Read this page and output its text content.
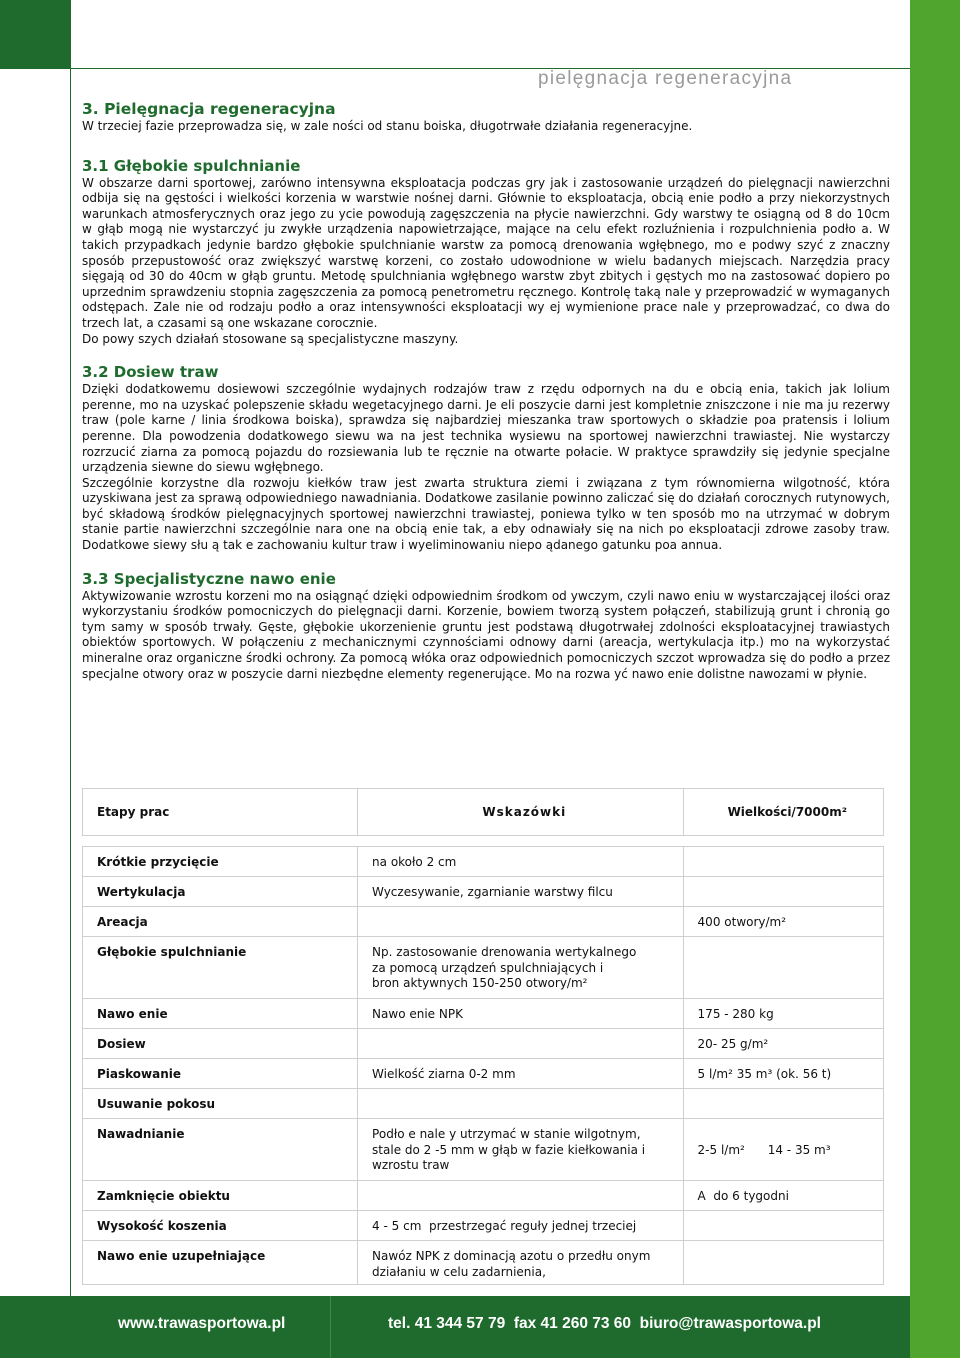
pielęgnacja regeneracyjna
3. Pielęgnacja regeneracyjna

W trzeciej fazie przeprowadza się, w zale ności od stanu boiska, długotrwałe działania regeneracyjne.

3.1 Głębokie spulchnianie

W obszarze darni sportowej, zarówno intensywna eksploatacja podczas gry jak i zastosowanie urządzeń do pielęgnacji nawierzchni odbija się na gęstości i wielkości korzenia w warstwie nośnej darni. Głównie to eksploatacja, obcią enie podło a przy niekorzystnych warunkach atmosferycznych oraz jego zu ycie powodują zagęszczenia na płycie nawierzchni. Gdy warstwy te osiągną od 8 do 10cm w głąb mogą nie wystarczyć ju zwykłe urządzenia napowietrzające, mające na celu efekt rozluźnienia i rozpulchnienia podło a. W takich przypadkach jedynie bardzo głębokie spulchnianie warstw za pomocą drenowania wgłębnego, mo e podwy szyć z znaczny sposób przepustowość oraz zwiększyć warstwę korzeni, co zostało udowodnione w wielu badanych miejscach. Narzędzia pracy sięgają od 30 do 40cm w głąb gruntu. Metodę spulchniania wgłębnego warstw zbyt zbitych i gęstych mo na zastosować dopiero po uprzednim sprawdzeniu stopnia zagęszczenia za pomocą penetrometru ręcznego. Kontrolę taką nale y przeprowadzić w wymaganych odstępach. Zale nie od rodzaju podło a oraz intensywności eksploatacji wy ej wymienione prace nale y przeprowadzać, co dwa do trzech lat, a czasami są one wskazane corocznie.

Do powy szych działań stosowane są specjalistyczne maszyny.

3.2 Dosiew traw

Dzięki dodatkowemu dosiewowi szczególnie wydajnych rodzajów traw z rzędu odpornych na du e obcią enia, takich jak lolium perenne, mo na uzyskać polepszenie składu wegetacyjnego darni. Je eli poszycie darni jest kompletnie zniszczone i nie ma ju rezerwy traw (pole karne / linia środkowa boiska), sprawdza się najbardziej mieszanka traw sportowych o składzie poa pratensis i lolium perenne. Dla powodzenia dodatkowego siewu wa na jest technika wysiewu na sportowej nawierzchni trawiastej. Nie wystarczy rozrzucić ziarna za pomocą pojazdu do rozsiewania lub te ręcznie na otwarte połacie. W praktyce sprawdziły się jedynie specjalne urządzenia siewne do siewu wgłębnego.

Szczególnie korzystne dla rozwoju kiełków traw jest zwarta struktura ziemi i związana z tym równomierna wilgotność, która uzyskiwana jest za sprawą odpowiedniego nawadniania. Dodatkowe zasilanie powinno zaliczać się do działań corocznych rutynowych, być składową środków pielęgnacyjnych sportowej nawierzchni trawiastej, poniewa tylko w ten sposób mo na utrzymać w dobrym stanie partie nawierzchni szczególnie nara one na obcią enie tak, a eby odnawiały się na nich po eksploatacji zdrowe zasoby traw. Dodatkowe siewy słu ą tak e zachowaniu kultur traw i wyeliminowaniu niepo ądanego gatunku poa annua.

3.3 Specjalistyczne nawo enie

Aktywizowanie wzrostu korzeni mo na osiągnąć dzięki odpowiednim środkom od ywczym, czyli nawo eniu w wystarczającej ilości oraz wykorzystaniu środków pomocniczych do pielęgnacji darni. Korzenie, bowiem tworzą system połączeń, stabilizują grunt i chronią go tym samy w sposób trwały. Gęste, głębokie ukorzenienie gruntu jest podstawą długotrwałej zdolności eksploatacyjnej trawiastych obiektów sportowych. W połączeniu z mechanicznymi czynnościami odnowy darni (areacja, wertykulacja itp.) mo na wykorzystać mineralne oraz organiczne środki ochrony. Za pomocą włóka oraz odpowiednich pomocniczych szczot wprowadza się do podło a przez specjalne otwory oraz w poszycie darni niezbędne elementy regenerujące. Mo na rozwa yć nawo enie dolistne nawozami w płynie.

Etapy prac	Wskazówki	Wielkości/7000m²

Krótkie przycięcie	na około 2 cm	

Wertykulacja	Wyczesywanie, zgarnianie warstwy filcu	

Areacja		400 otwory/m²
Głębokie spulchnianie	Np. zastosowanie drenowania wertykalnego
za pomocą urządzeń spulchniających i
bron aktywnych 150-250 otwory/m²	

Nawo enie	Nawo enie NPK	175 - 280 kg
Dosiew		20- 25 g/m²
Piaskowanie	Wielkość ziarna 0-2 mm	5 l/m² 35 m³ (ok. 56 t)
Usuwanie pokosu	

Nawadnianie	Podło e nale y utrzymać w stanie wilgotnym,
stale do 2 -5 mm w głąb w fazie kiełkowania i
wzrostu traw	2-5 l/m²      14 - 35 m³

Zamknięcie obiektu		A  do 6 tygodni
Wysokość koszenia	4 - 5 cm  przestrzegać reguły jednej trzeciej	

Nawo enie uzupełniające	Nawóz NPK z dominacją azotu o przedłu onym
działaniu w celu zadarnienia,	

www.trawasportowa.pl	tel. 41 344 57 79  fax 41 260 73 60  biuro@trawasportowa.pl
